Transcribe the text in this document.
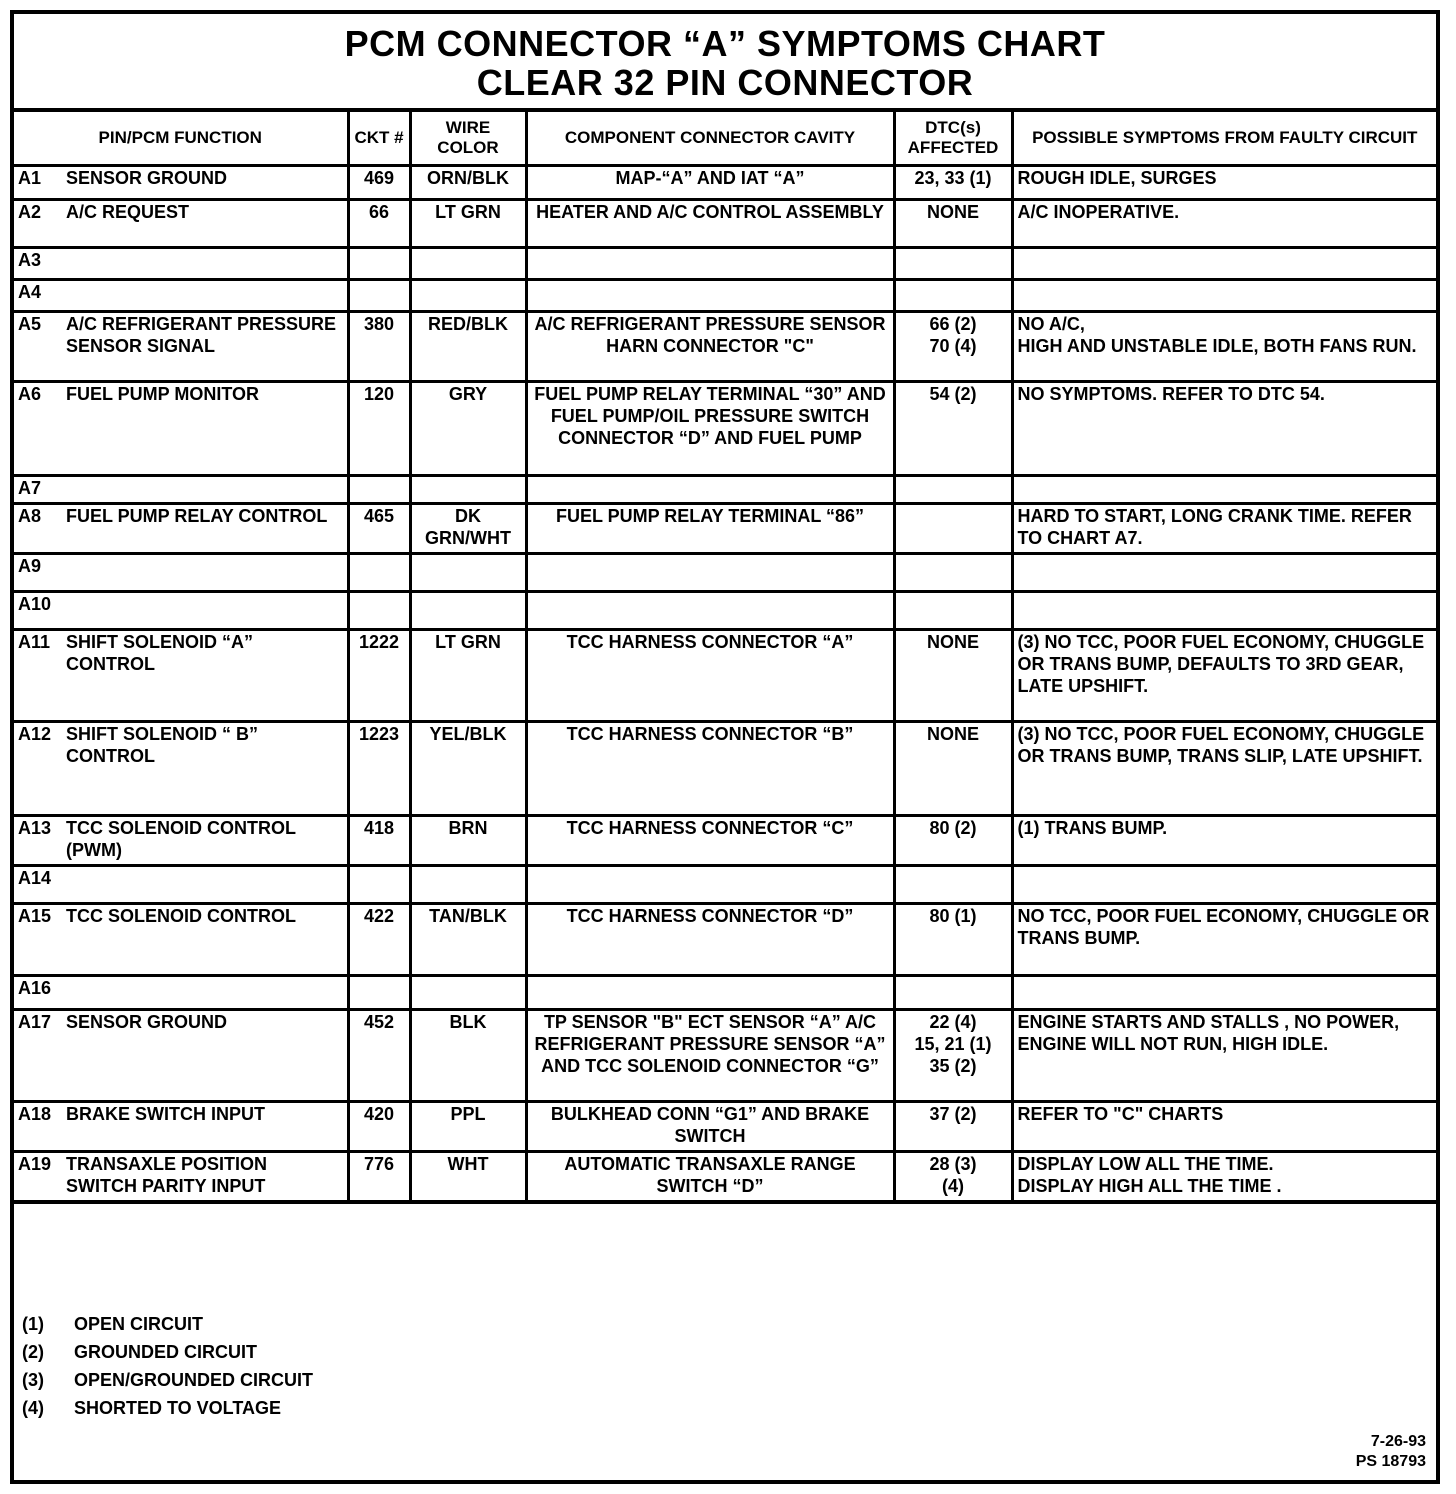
PCM CONNECTOR “A” SYMPTOMS CHART
CLEAR 32 PIN CONNECTOR
PIN/PCM FUNCTION	CKT #	WIRE COLOR	COMPONENT CONNECTOR CAVITY	DTC(s) AFFECTED	POSSIBLE SYMPTOMS FROM FAULTY CIRCUIT

A1 SENSOR GROUND	469	ORN/BLK	MAP-“A” AND IAT “A”	23, 33 (1)	ROUGH IDLE, SURGES

A2 A/C REQUEST	66	LT GRN	HEATER AND A/C CONTROL ASSEMBLY	NONE	A/C INOPERATIVE.

A3					

A4					

A5 A/C REFRIGERANT PRESSURE SENSOR SIGNAL	380	RED/BLK	A/C REFRIGERANT PRESSURE SENSOR HARN CONNECTOR "C"	66 (2)
70 (4)	NO A/C,
HIGH AND UNSTABLE IDLE, BOTH FANS RUN.

A6 FUEL PUMP MONITOR	120	GRY	FUEL PUMP RELAY TERMINAL “30” AND FUEL PUMP/OIL PRESSURE SWITCH CONNECTOR “D” AND FUEL PUMP	54 (2)	NO SYMPTOMS. REFER TO DTC 54.

A7					

A8 FUEL PUMP RELAY CONTROL	465	DK GRN/WHT	FUEL PUMP RELAY TERMINAL “86”		HARD TO START, LONG CRANK TIME. REFER TO CHART A7.

A9					

A10					

A11 SHIFT SOLENOID “A” CONTROL	1222	LT GRN	TCC HARNESS CONNECTOR “A”	NONE	(3) NO TCC, POOR FUEL ECONOMY, CHUGGLE OR TRANS BUMP, DEFAULTS TO 3RD GEAR, LATE UPSHIFT.

A12 SHIFT SOLENOID “ B” CONTROL	1223	YEL/BLK	TCC HARNESS CONNECTOR “B”	NONE	(3) NO TCC, POOR FUEL ECONOMY, CHUGGLE OR TRANS BUMP, TRANS SLIP, LATE UPSHIFT.

A13 TCC SOLENOID CONTROL (PWM)	418	BRN	TCC HARNESS CONNECTOR “C”	80 (2)	(1) TRANS BUMP.

A14					

A15 TCC SOLENOID CONTROL	422	TAN/BLK	TCC HARNESS CONNECTOR “D”	80 (1)	NO TCC, POOR FUEL ECONOMY, CHUGGLE OR TRANS BUMP.

A16					

A17 SENSOR GROUND	452	BLK	TP SENSOR "B" ECT SENSOR “A” A/C REFRIGERANT PRESSURE SENSOR “A” AND TCC SOLENOID CONNECTOR “G”	22 (4)
15, 21 (1)
35 (2)	ENGINE STARTS AND STALLS , NO POWER, ENGINE WILL NOT RUN, HIGH IDLE.

A18 BRAKE SWITCH INPUT	420	PPL	BULKHEAD CONN “G1” AND BRAKE SWITCH	37 (2)	REFER TO "C" CHARTS

A19 TRANSAXLE POSITION SWITCH PARITY INPUT	776	WHT	AUTOMATIC TRANSAXLE RANGE SWITCH “D”	28 (3)
(4)	DISPLAY LOW ALL THE TIME.
DISPLAY HIGH ALL THE TIME .
(1)	OPEN CIRCUIT
(2)	GROUNDED CIRCUIT
(3)	OPEN/GROUNDED CIRCUIT
(4)	SHORTED TO VOLTAGE
7-26-93
PS 18793
